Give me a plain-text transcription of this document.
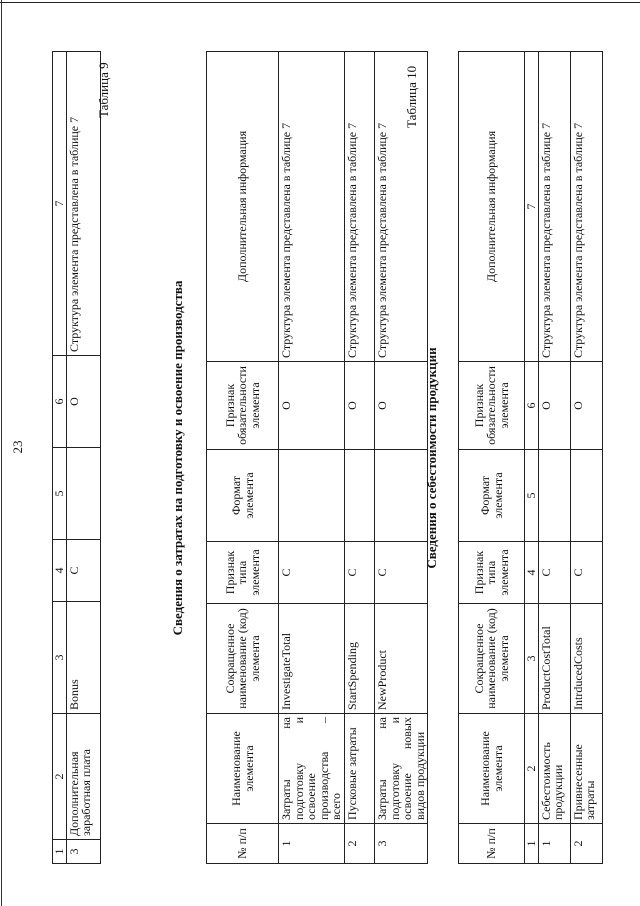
23
1	2	3	4	5	6	7
3	Дополнительная заработная плата	Bonus	С		О	Структура элемента представлена в таблице 7
Таблица 9
Сведения о затратах на подготовку и освоение производства
№ п/п	Наименование элемента	Сокращенное наименование (код) элемента	Признак типа элемента	Формат элемента	Признак обязательности элемента	Дополнительная информация
1	Затраты на подготовку и освоение производства – всего	InvestigateTotal	С		О	Структура элемента представлена в таблице 7
2	Пусковые затраты	StartSpending	С		О	Структура элемента представлена в таблице 7
3	Затраты на подготовку и освоение новых видов продукции	NewProduct	С		О	Структура элемента представлена в таблице 7
Таблица 10
Сведения о себестоимости продукции
№ п/п	Наименование элемента	Сокращенное наименование (код) элемента	Признак типа элемента	Формат элемента	Признак обязательности элемента	Дополнительная информация
1	2	3	4	5	6	7
1	Себестоимость продукции	ProductCostTotal	С		О	Структура элемента представлена в таблице 7
2	Привнесенные затраты	IntrducedCosts	С		О	Структура элемента представлена в таблице 7
